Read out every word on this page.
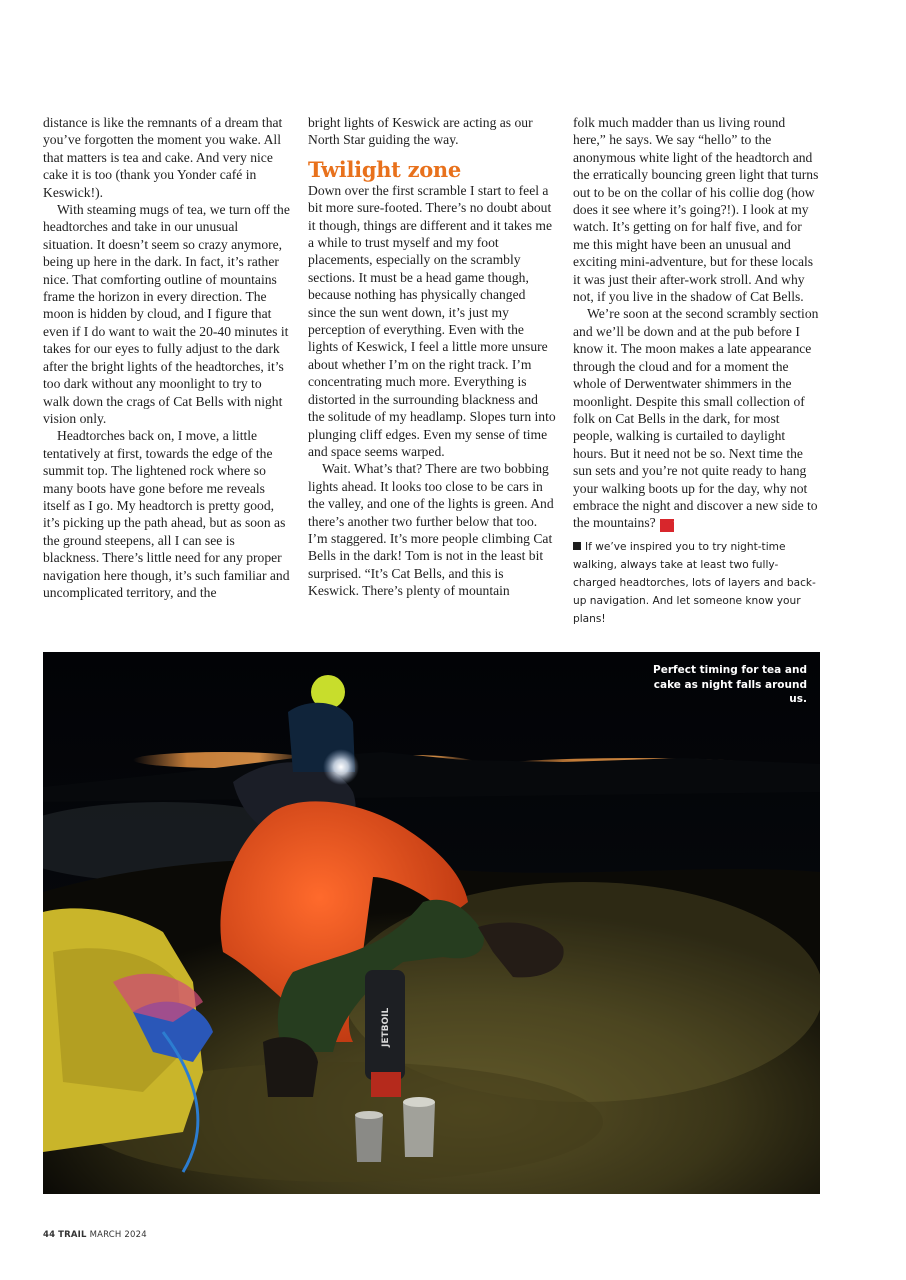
distance is like the remnants of a dream that you’ve forgotten the moment you wake. All that matters is tea and cake. And very nice cake it is too (thank you Yonder café in Keswick!).

With steaming mugs of tea, we turn off the headtorches and take in our unusual situation. It doesn’t seem so crazy anymore, being up here in the dark. In fact, it’s rather nice. That comforting outline of mountains frame the horizon in every direction. The moon is hidden by cloud, and I figure that even if I do want to wait the 20-40 minutes it takes for our eyes to fully adjust to the dark after the bright lights of the headtorches, it’s too dark without any moonlight to try to walk down the crags of Cat Bells with night vision only.

Headtorches back on, I move, a little tentatively at first, towards the edge of the summit top. The lightened rock where so many boots have gone before me reveals itself as I go. My headtorch is pretty good, it’s picking up the path ahead, but as soon as the ground steepens, all I can see is blackness. There’s little need for any proper navigation here though, it’s such familiar and uncomplicated territory, and the

bright lights of Keswick are acting as our North Star guiding the way.

Twilight zone

Down over the first scramble I start to feel a bit more sure-footed. There’s no doubt about it though, things are different and it takes me a while to trust myself and my foot placements, especially on the scrambly sections. It must be a head game though, because nothing has physically changed since the sun went down, it’s just my perception of everything. Even with the lights of Keswick, I feel a little more unsure about whether I’m on the right track. I’m concentrating much more. Everything is distorted in the surrounding blackness and the solitude of my headlamp. Slopes turn into plunging cliff edges. Even my sense of time and space seems warped.

Wait. What’s that? There are two bobbing lights ahead. It looks too close to be cars in the valley, and one of the lights is green. And there’s another two further below that too. I’m staggered. It’s more people climbing Cat Bells in the dark! Tom is not in the least bit surprised. “It’s Cat Bells, and this is Keswick. There’s plenty of mountain

folk much madder than us living round here,” he says. We say “hello” to the anonymous white light of the headtorch and the erratically bouncing green light that turns out to be on the collar of his collie dog (how does it see where it’s going?!). I look at my watch. It’s getting on for half five, and for me this might have been an unusual and exciting mini-adventure, but for these locals it was just their after-work stroll. And why not, if you live in the shadow of Cat Bells.

We’re soon at the second scrambly section and we’ll be down and at the pub before I know it. The moon makes a late appearance through the cloud and for a moment the whole of Derwentwater shimmers in the moonlight. Despite this small collection of folk on Cat Bells in the dark, for most people, walking is curtailed to daylight hours. But it need not be so. Next time the sun sets and you’re not quite ready to hang your walking boots up for the day, why not embrace the night and discover a new side to the mountains? T

If we’ve inspired you to try night-time walking, always take at least two fully-charged headtorches, lots of layers and back-up navigation. And let someone know your plans!
JETBOIL
Perfect timing for tea and cake as night falls around us.
44 TRAIL MARCH 2024
